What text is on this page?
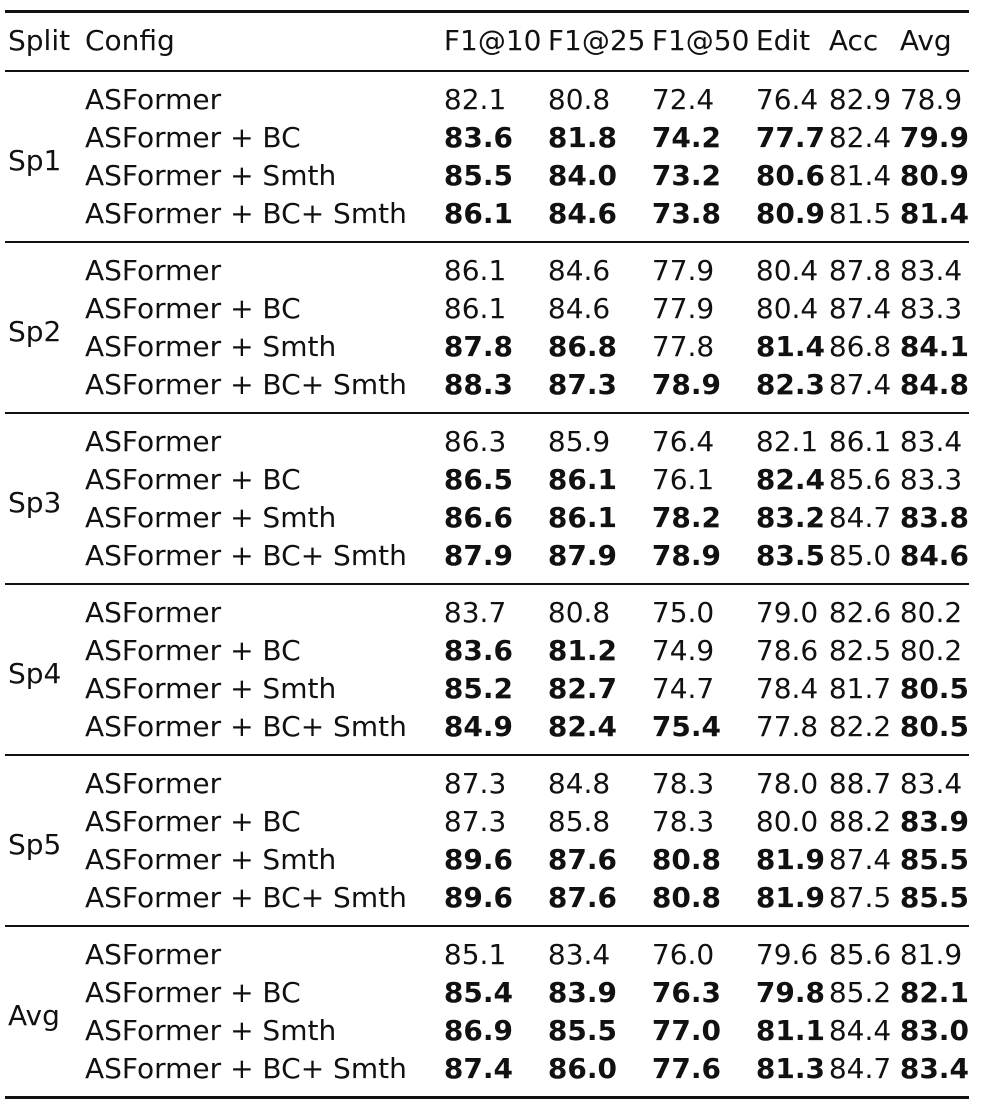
Split	Config	F1@10	F1@25	F1@50	Edit	Acc	Avg
Sp1	ASFormer	82.1	80.8	72.4	76.4	82.9	78.9
	ASFormer + BC	83.6	81.8	74.2	77.7	82.4	79.9
	ASFormer + Smth	85.5	84.0	73.2	80.6	81.4	80.9
	ASFormer + BC+ Smth	86.1	84.6	73.8	80.9	81.5	81.4
Sp2	ASFormer	86.1	84.6	77.9	80.4	87.8	83.4
	ASFormer + BC	86.1	84.6	77.9	80.4	87.4	83.3
	ASFormer + Smth	87.8	86.8	77.8	81.4	86.8	84.1
	ASFormer + BC+ Smth	88.3	87.3	78.9	82.3	87.4	84.8
Sp3	ASFormer	86.3	85.9	76.4	82.1	86.1	83.4
	ASFormer + BC	86.5	86.1	76.1	82.4	85.6	83.3
	ASFormer + Smth	86.6	86.1	78.2	83.2	84.7	83.8
	ASFormer + BC+ Smth	87.9	87.9	78.9	83.5	85.0	84.6
Sp4	ASFormer	83.7	80.8	75.0	79.0	82.6	80.2
	ASFormer + BC	83.6	81.2	74.9	78.6	82.5	80.2
	ASFormer + Smth	85.2	82.7	74.7	78.4	81.7	80.5
	ASFormer + BC+ Smth	84.9	82.4	75.4	77.8	82.2	80.5
Sp5	ASFormer	87.3	84.8	78.3	78.0	88.7	83.4
	ASFormer + BC	87.3	85.8	78.3	80.0	88.2	83.9
	ASFormer + Smth	89.6	87.6	80.8	81.9	87.4	85.5
	ASFormer + BC+ Smth	89.6	87.6	80.8	81.9	87.5	85.5
Avg	ASFormer	85.1	83.4	76.0	79.6	85.6	81.9
	ASFormer + BC	85.4	83.9	76.3	79.8	85.2	82.1
	ASFormer + Smth	86.9	85.5	77.0	81.1	84.4	83.0
	ASFormer + BC+ Smth	87.4	86.0	77.6	81.3	84.7	83.4
